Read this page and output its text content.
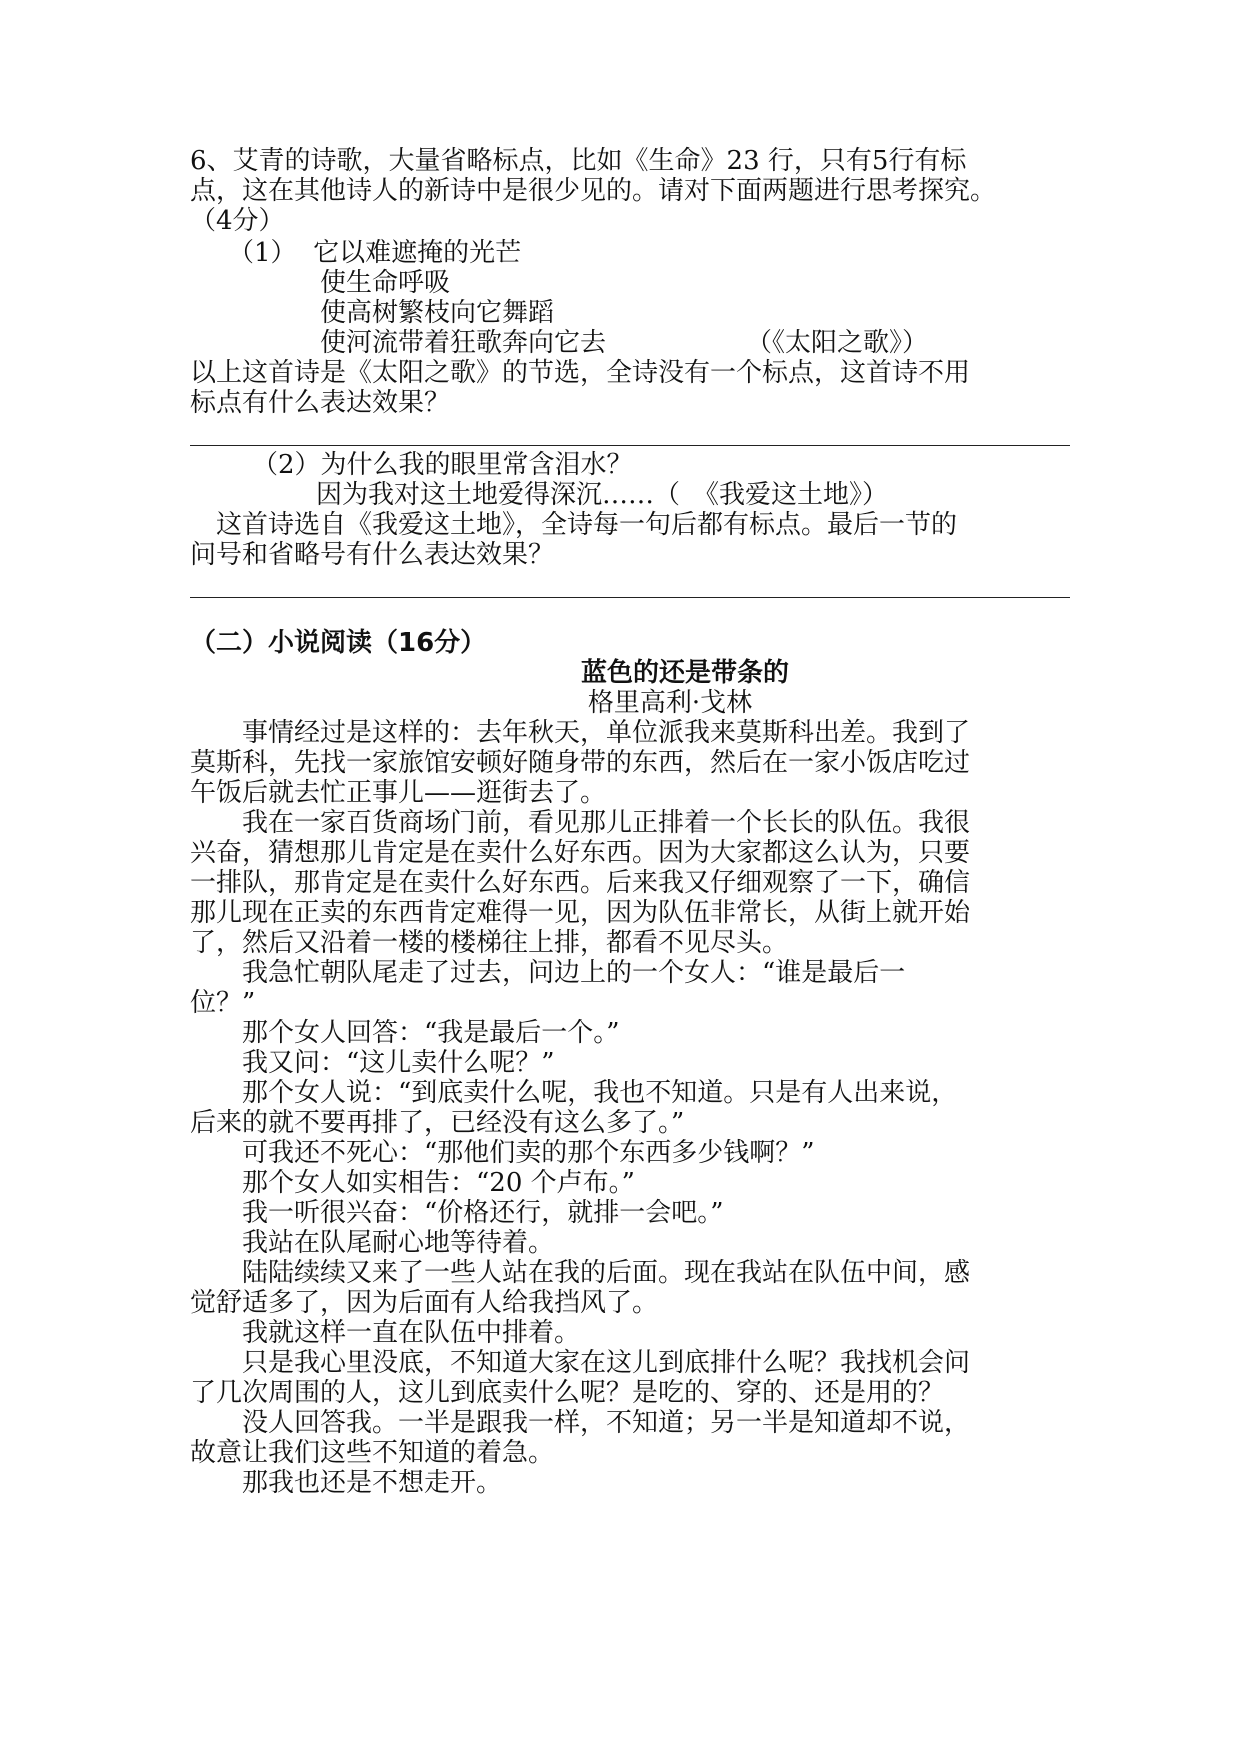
6、艾青的诗歌，大量省略标点，比如《生命》23 行，只有5行有标

点，这在其他诗人的新诗中是很少见的。请对下面两题进行思考探究。

（4分）

（1） 它以难遮掩的光芒

使生命呼吸

使高树繁枝向它舞蹈

使河流带着狂歌奔向它去	（《太阳之歌》）

以上这首诗是《太阳之歌》的节选，全诗没有一个标点，这首诗不用

标点有什么表达效果？

（2）为什么我的眼里常含泪水？

因为我对这土地爱得深沉……（　《我爱这土地》）

这首诗选自《我爱这土地》，全诗每一句后都有标点。最后一节的

问号和省略号有什么表达效果？

（二）小说阅读（16分）

蓝色的还是带条的

格里高利·戈林

事情经过是这样的：去年秋天，单位派我来莫斯科出差。我到了

莫斯科，先找一家旅馆安顿好随身带的东西，然后在一家小饭店吃过

午饭后就去忙正事儿——逛街去了。

我在一家百货商场门前，看见那儿正排着一个长长的队伍。我很

兴奋，猜想那儿肯定是在卖什么好东西。因为大家都这么认为，只要

一排队，那肯定是在卖什么好东西。后来我又仔细观察了一下，确信

那儿现在正卖的东西肯定难得一见，因为队伍非常长，从街上就开始

了，然后又沿着一楼的楼梯往上排，都看不见尽头。

我急忙朝队尾走了过去，问边上的一个女人：“谁是最后一

位？”

那个女人回答：“我是最后一个。”

我又问：“这儿卖什么呢？”

那个女人说：“到底卖什么呢，我也不知道。只是有人出来说，

后来的就不要再排了，已经没有这么多了。”

可我还不死心：“那他们卖的那个东西多少钱啊？”

那个女人如实相告：“20 个卢布。”

我一听很兴奋：“价格还行，就排一会吧。”

我站在队尾耐心地等待着。

陆陆续续又来了一些人站在我的后面。现在我站在队伍中间，感

觉舒适多了，因为后面有人给我挡风了。

我就这样一直在队伍中排着。

只是我心里没底，不知道大家在这儿到底排什么呢？我找机会问

了几次周围的人，这儿到底卖什么呢？是吃的、穿的、还是用的？

没人回答我。一半是跟我一样，不知道；另一半是知道却不说，

故意让我们这些不知道的着急。

那我也还是不想走开。
